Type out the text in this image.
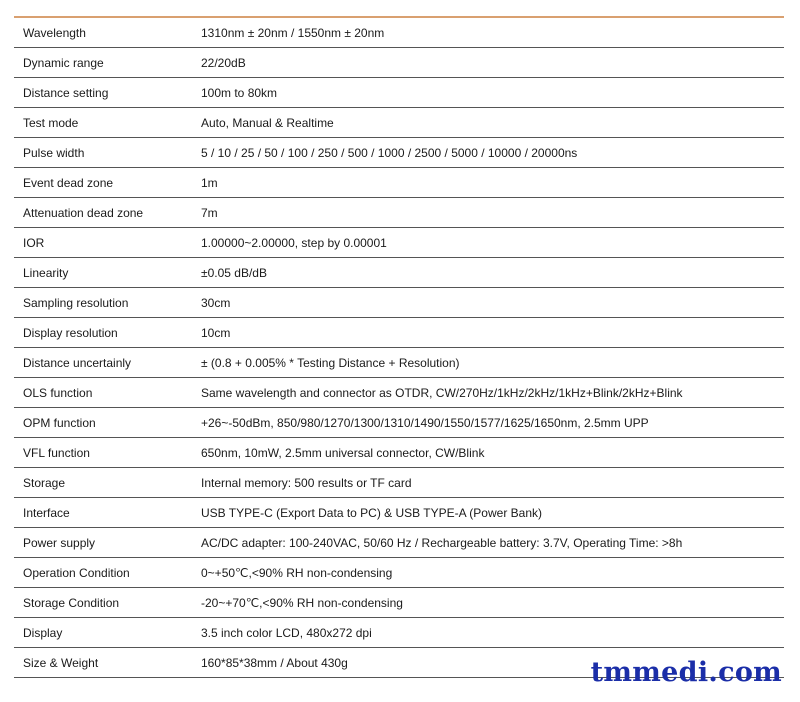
Wavelength	1310nm ± 20nm / 1550nm ± 20nm
Dynamic range	22/20dB
Distance setting	100m to 80km
Test mode	Auto, Manual & Realtime
Pulse width	5 / 10 / 25 / 50 / 100 / 250 / 500 / 1000 / 2500 / 5000 / 10000 / 20000ns
Event dead zone	1m
Attenuation dead zone	7m
IOR	1.00000~2.00000, step by 0.00001
Linearity	±0.05 dB/dB
Sampling resolution	30cm
Display resolution	10cm
Distance uncertainly	± (0.8 + 0.005% * Testing Distance + Resolution)
OLS function	Same wavelength and connector as OTDR, CW/270Hz/1kHz/2kHz/1kHz+Blink/2kHz+Blink
OPM function	+26~-50dBm, 850/980/1270/1300/1310/1490/1550/1577/1625/1650nm, 2.5mm UPP
VFL function	650nm, 10mW, 2.5mm universal connector, CW/Blink
Storage	Internal memory: 500 results or TF card
Interface	USB TYPE-C (Export Data to PC) & USB TYPE-A (Power Bank)
Power supply	AC/DC adapter: 100-240VAC, 50/60 Hz / Rechargeable battery: 3.7V, Operating Time: >8h
Operation Condition	0~+50℃,<90% RH non-condensing
Storage Condition	-20~+70℃,<90% RH non-condensing
Display	3.5 inch color LCD, 480x272 dpi
Size & Weight	160*85*38mm / About 430g	tmmedi.com
